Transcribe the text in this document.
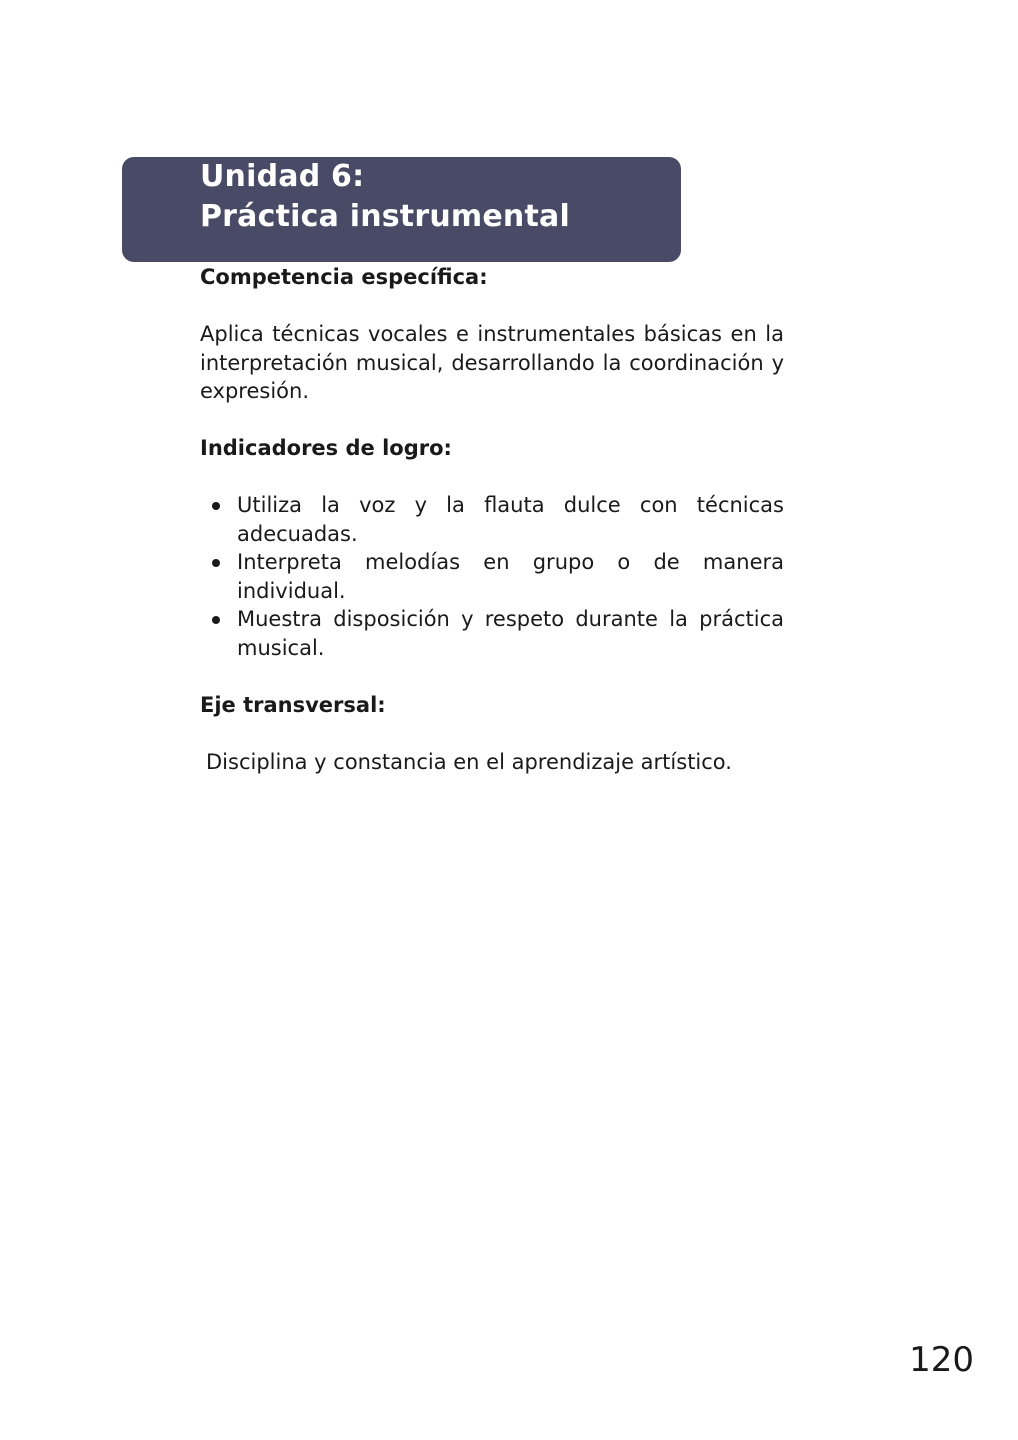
Unidad 6:

Práctica instrumental

Competencia específica:

Aplica técnicas vocales e instrumentales básicas en la interpretación musical, desarrollando la coordinación y expresión.

Indicadores de logro:

Utiliza la voz y la flauta dulce con técnicas adecuadas.
Interpreta melodías en grupo o de manera individual.
Muestra disposición y respeto durante la práctica musical.

Eje transversal:

Disciplina y constancia en el aprendizaje artístico.

120
